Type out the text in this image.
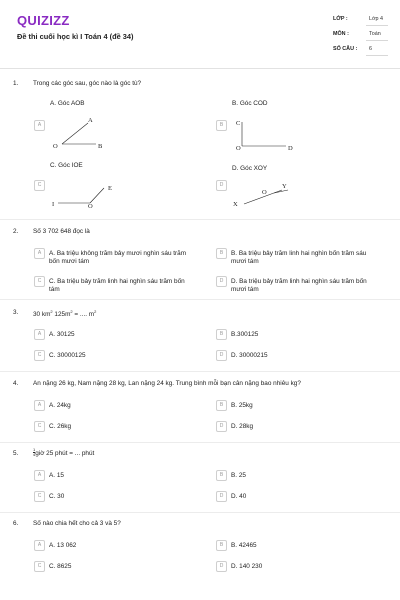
QUIZIZZ
Đề thi cuối học kì I Toán 4 (đề 34)
LỚP :	Lớp 4
MÔN :	Toán
SỐ CÂU :	6
1. Trong các góc sau, góc nào là góc tù?
A. Góc AOB	B. Góc COD
C. Góc IOE	D. Góc XOY
A	B
C	D
A
O	B
C
O	D
E
I	O
Y
O
X
2. Số 3 702 648 đọc là
A	A. Ba triệu không trăm bảy mươi nghìn sáu trăm
bốn mươi tám
B	B. Ba triệu bảy trăm linh hai nghìn bốn trăm sáu
mươi tám
C	C. Ba triệu bảy trăm linh hai nghìn sáu trăm bốn
tám
D	D. Ba triệu bảy trăm linh hai nghìn sáu trăm bốn
mươi tám
3. 30 $km^2$ $125m^2$ = .... $m^2$
A	A. 30125	B	B.300125
C	C. 30000125	D	D. 30000215
4. An nặng 26 kg, Nam nặng 28 kg, Lan nặng 24 kg. Trung bình mỗi bạn cân nặng bao nhiêu kg?
A	A. 24kg	B	B. 25kg
C	C. 26kg	D	D. 28kg
5.	$\frac{1}{4}$ giờ 25 phút = ... phút
A	A. 15	B	B. 25
C	C. 30	D	D. 40
6. Số nào chia hết cho cả 3 và 5?
A	A. 13 062	B	B. 42465
C	C. 8625	D	D. 140 230
